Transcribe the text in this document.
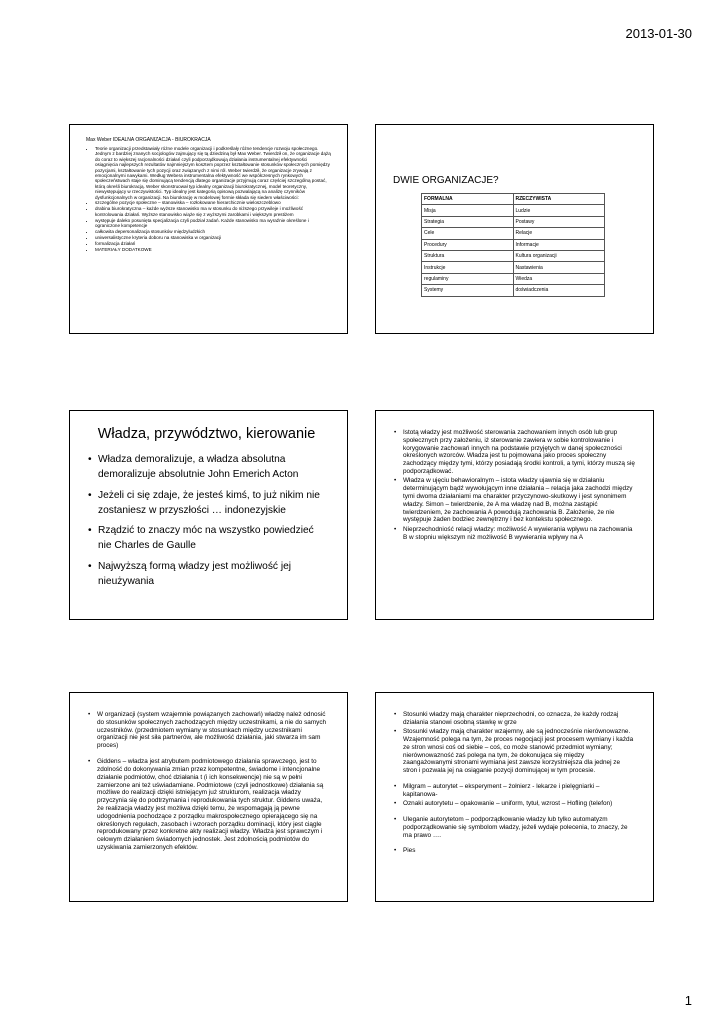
2013-01-30
Max Weber IDEALNA ORGANIZACJA - BIUROKRACJA
• Teorie organizacji przedstawiały różne modele organizacji i podkreślały różne tendencje rozwoju społecznego. Jednym z bardziej znanych socjologów zajmujący się tą dziedziną był Max Weber. Twierdził on, że organizacje dążą do coraz to większej racjonalności działań czyli podporządkowują działania instrumentalnej efektywności osiągnięcia najlepszych rezultatów najmniejszym kosztem poprzez kształtowanie stosunków społecznych pomiędzy pozycjami, kształtowanie tych pozycji oraz związanych z nimi ról. Weber twierdził, że organizacje zrywają z emocjonalnymi nawykami. Według Webera instrumentalna efektywność we współczesnych rynkowych społeczeństwach staje się dominującą tendencją dlatego organizacje przyjmują coraz częściej szczególną postać, którą określi biurokracją. Weber skonstruował typ idealny organizacji biurokratycznej, model teoretyczny, niewystępujący w rzeczywistości. Typ idealny jest kategorią opisową pozwalającą na analizę czynników dysfunkcjonalnych w organizacji. Na biurokrację w modelowej formie składa się siedem właściwości:
• szczególne pozycje społeczne – stanowiska – rozłokowane hierarchicznie wieloszczeblowo
• drabina biurokratyczna – każde wyższe stanowisko ma w stosunku do niższego przywileje i możliwość kontrolowania działań. Wyższe stanowisko wiąże się z wyższymi zarobkami i większym prestiżem
• występuje daleko posunięta specjalizacja czyli podział zadań. Każde stanowisko ma wyraźnie określone i ograniczone kompetencje
• całkowita depersonalizacja stosunków międzyludzkich
• uniwersalistyczne kryteria doboru na stanowiska w organizacji
• formalizacja działań
• MATERIAŁY DODATKOWE
DWIE ORGANIZACJE?
FORMALNA	RZECZYWISTA
Misja	Ludzie
Strategia	Postawy
Cele	Relacje
Procedury	Informacje
Struktura	Kultura organizacji
Instrukcje	Nastawienia
regulaminy	Wiedza
Systemy	doświadczenia
Władza, przywództwo, kierowanie
• Władza demoralizuje, a władza absolutna demoralizuje absolutnie John Emerich Acton
• Jeżeli ci się zdaje, że jesteś kimś, to już nikim nie zostaniesz w przyszłości … indonezyjskie
• Rządzić to znaczy móc na wszystko powiedzieć nie Charles de Gaulle
• Najwyższą formą władzy jest możliwość jej nieużywania
• Istotą władzy jest możliwość sterowania zachowaniem innych osób lub grup społecznych przy założeniu, iż sterowanie zawiera w sobie kontrolowanie i korygowanie zachowań innych na podstawie przyjętych w danej społeczności określonych wzorców. Władza jest tu pojmowana jako proces społeczny zachodzący między tymi, którzy posiadają środki kontroli, a tymi, którzy muszą się podporządkować.
• Władza w ujęciu behawioralnym – istota władzy ujawnia się w działaniu determinującym bądź wywołującym inne działania – relacja jaka zachodzi między tymi dwoma działaniami ma charakter przyczynowo-skutkowy i jest synonimem władzy. Simon – twierdzenie, że A ma władzę nad B, można zastąpić twierdzeniem, że zachowania A powodują zachowania B. Założenie, że nie występuje żaden bodziec zewnętrzny i bez kontekstu społecznego.
• Nieprzechodniość relacji władzy: możliwość A wywierania wpływu na zachowania B w stopniu większym niż możliwość B wywierania wpływy na A
• W organizacji (system wzajemnie powiązanych zachowań) władzę należ odnosić do stosunków społecznych zachodzących między uczestnikami, a nie do samych uczestników. (przedmiotem wymiany w stosunkach między uczestnikami organizacji nie jest siła partnerów, ale możliwość działania, jaki stwarza im sam proces)
• Giddens – władza jest atrybutem podmiotowego działania sprawczego, jest to zdolność do dokonywania zmian przez kompetentne, świadome i intencjonalne działanie podmiotów, choć działania t (i ich konsekwencje) nie są w pełni zamierzone ani też uświadamiane. Podmiotowe (czyli jednostkowe) działania są możliwe do realizacji dzięki istniejącym już strukturom, realizacja władzy przyczynia się do podtrzymania i reprodukowania tych struktur. Giddens uważa, że realizacja władzy jest możliwa dzięki temu, że wspomagają ją pewne udogodnienia pochodzące z porządku makrospołecznego opierającego się na określonych regułach, zasobach i wzorach porządku dominacji, który jest ciągle reprodukowany przez konkretne akty realizacji władzy. Władza jest sprawczym i celowym działaniem świadomych jednostek. Jest zdolnością podmiotów do uzyskiwania zamierzonych efektów.
• Stosunki władzy mają charakter nieprzechodni, co oznacza, że każdy rodzaj działania stanowi osobną stawkę w grze
• Stosunki władzy mają charakter wzajemny, ale są jednocześnie nierównowazne. Wzajemność polega na tym, że proces negocjacji jest procesem wymiany i każda ze stron wnosi coś od siebie – coś, co może stanowić przedmiot wymiany; nierównowazność zaś polega na tym, że dokonująca się między zaangażowanymi stronami wymiana jest zawsze korzystniejsza dla jednej ze stron i pozwala jej na osiąganie pozycji dominującej w tym procesie.
• Milgram – autorytet – eksperyment – żołnierz - lekarze i pielęgniarki – kapitanowa-
• Oznaki autorytetu – opakowanie – uniform, tytuł, wzrost – Hofling (telefon)
• Uleganie autorytetom – podporządkowanie władzy lub tylko automatyzm podporządkowanie się symbolom władzy, jeżeli wydaje polecenia, to znaczy, że ma prawo ….
• Pies
1
